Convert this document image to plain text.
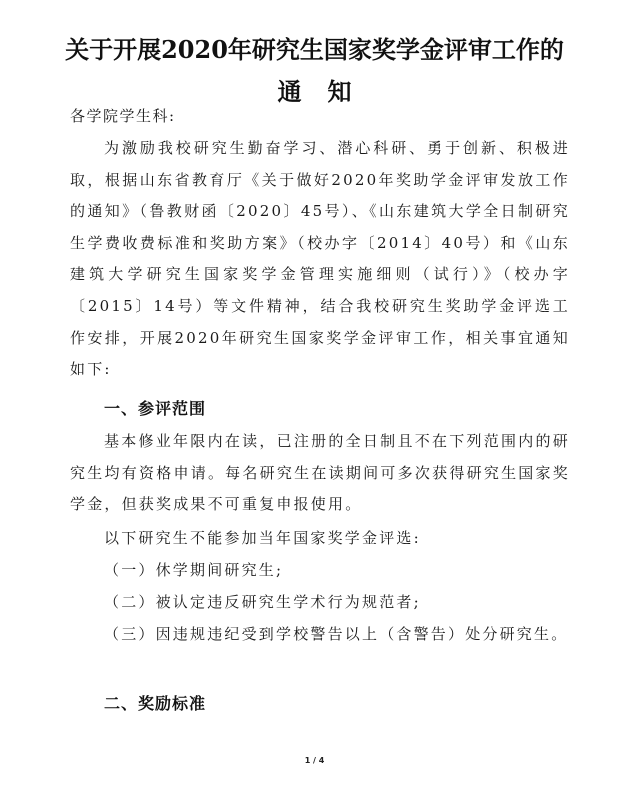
关于开展2020年研究生国家奖学金评审工作的
通知
各学院学生科:
为激励我校研究生勤奋学习、潜心科研、勇于创新、积极进取，根据山东省教育厅《关于做好2020年奖助学金评审发放工作的通知》（鲁教财函〔2020〕45号）、《山东建筑大学全日制研究生学费收费标准和奖助方案》（校办字〔2014〕40号）和《山东建筑大学研究生国家奖学金管理实施细则（试行）》（校办字〔2015〕14号）等文件精神，结合我校研究生奖助学金评选工作安排，开展2020年研究生国家奖学金评审工作，相关事宜通知如下:
一、参评范围
基本修业年限内在读，已注册的全日制且不在下列范围内的研究生均有资格申请。每名研究生在读期间可多次获得研究生国家奖学金，但获奖成果不可重复申报使用。
以下研究生不能参加当年国家奖学金评选:
（一）休学期间研究生;
（二）被认定违反研究生学术行为规范者;
（三）因违规违纪受到学校警告以上（含警告）处分研究生。
二、奖励标准
1 / 4
